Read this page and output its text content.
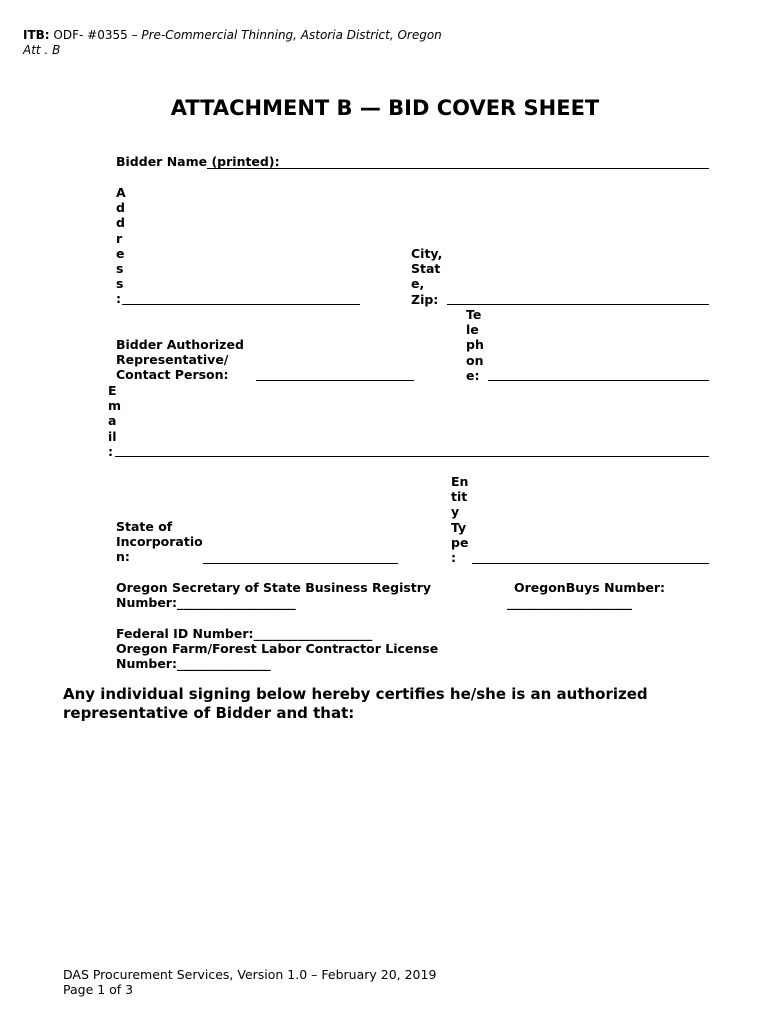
ITB: ODF- #0355 – Pre-Commercial Thinning, Astoria District, Oregon
Att . B
ATTACHMENT B — BID COVER SHEET
Bidder Name (printed):
A
d
d
r
e
s
s
:
City,
Stat
e,
Zip:
Bidder Authorized
Representative/
Contact Person:
Te
le
ph
on
e:
E
m
a
il
:
State of
Incorporatio
n:
En
tit
y
Ty
pe
:
Oregon Secretary of State Business Registry
Number:___________________
OregonBuys Number:
____________________
Federal ID Number:___________________
Oregon Farm/Forest Labor Contractor License
Number:_______________
Any individual signing below hereby certifies he/she is an authorized representative of Bidder and that:
DAS Procurement Services, Version 1.0 – February 20, 2019
Page 1 of 3
